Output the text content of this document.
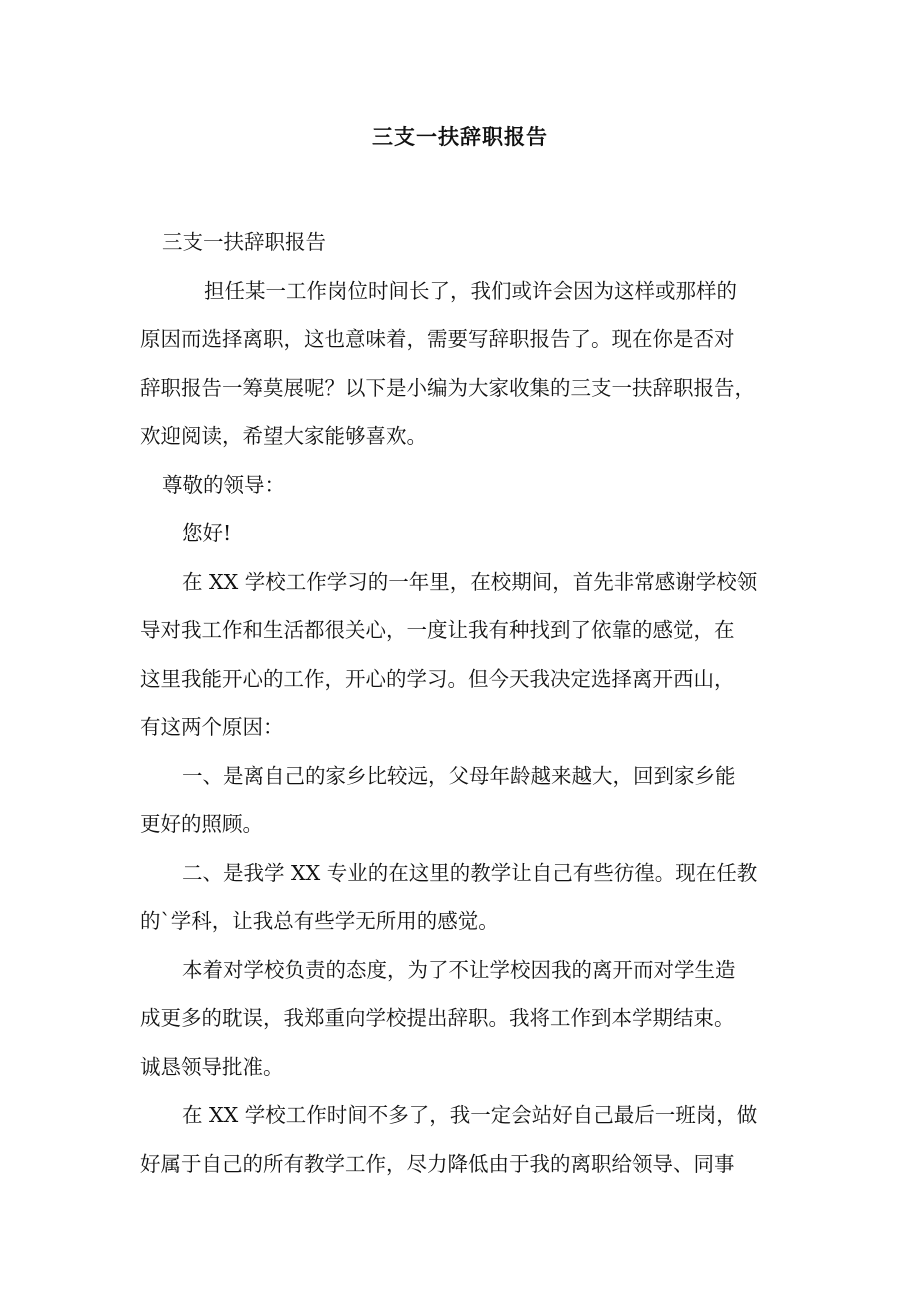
三支一扶辞职报告

三支一扶辞职报告

担任某一工作岗位时间长了，我们或许会因为这样或那样的

原因而选择离职，这也意味着，需要写辞职报告了。现在你是否对

辞职报告一筹莫展呢？以下是小编为大家收集的三支一扶辞职报告，

欢迎阅读，希望大家能够喜欢。

尊敬的领导：

您好!

在 XX 学校工作学习的一年里，在校期间，首先非常感谢学校领

导对我工作和生活都很关心，一度让我有种找到了依靠的感觉，在

这里我能开心的工作，开心的学习。但今天我决定选择离开西山，

有这两个原因：

一、是离自己的家乡比较远，父母年龄越来越大，回到家乡能

更好的照顾。

二、是我学 XX 专业的在这里的教学让自己有些彷徨。现在任教

的`学科，让我总有些学无所用的感觉。

本着对学校负责的态度，为了不让学校因我的离开而对学生造

成更多的耽误，我郑重向学校提出辞职。我将工作到本学期结束。

诚恳领导批准。

在 XX 学校工作时间不多了，我一定会站好自己最后一班岗，做

好属于自己的所有教学工作，尽力降低由于我的离职给领导、同事
